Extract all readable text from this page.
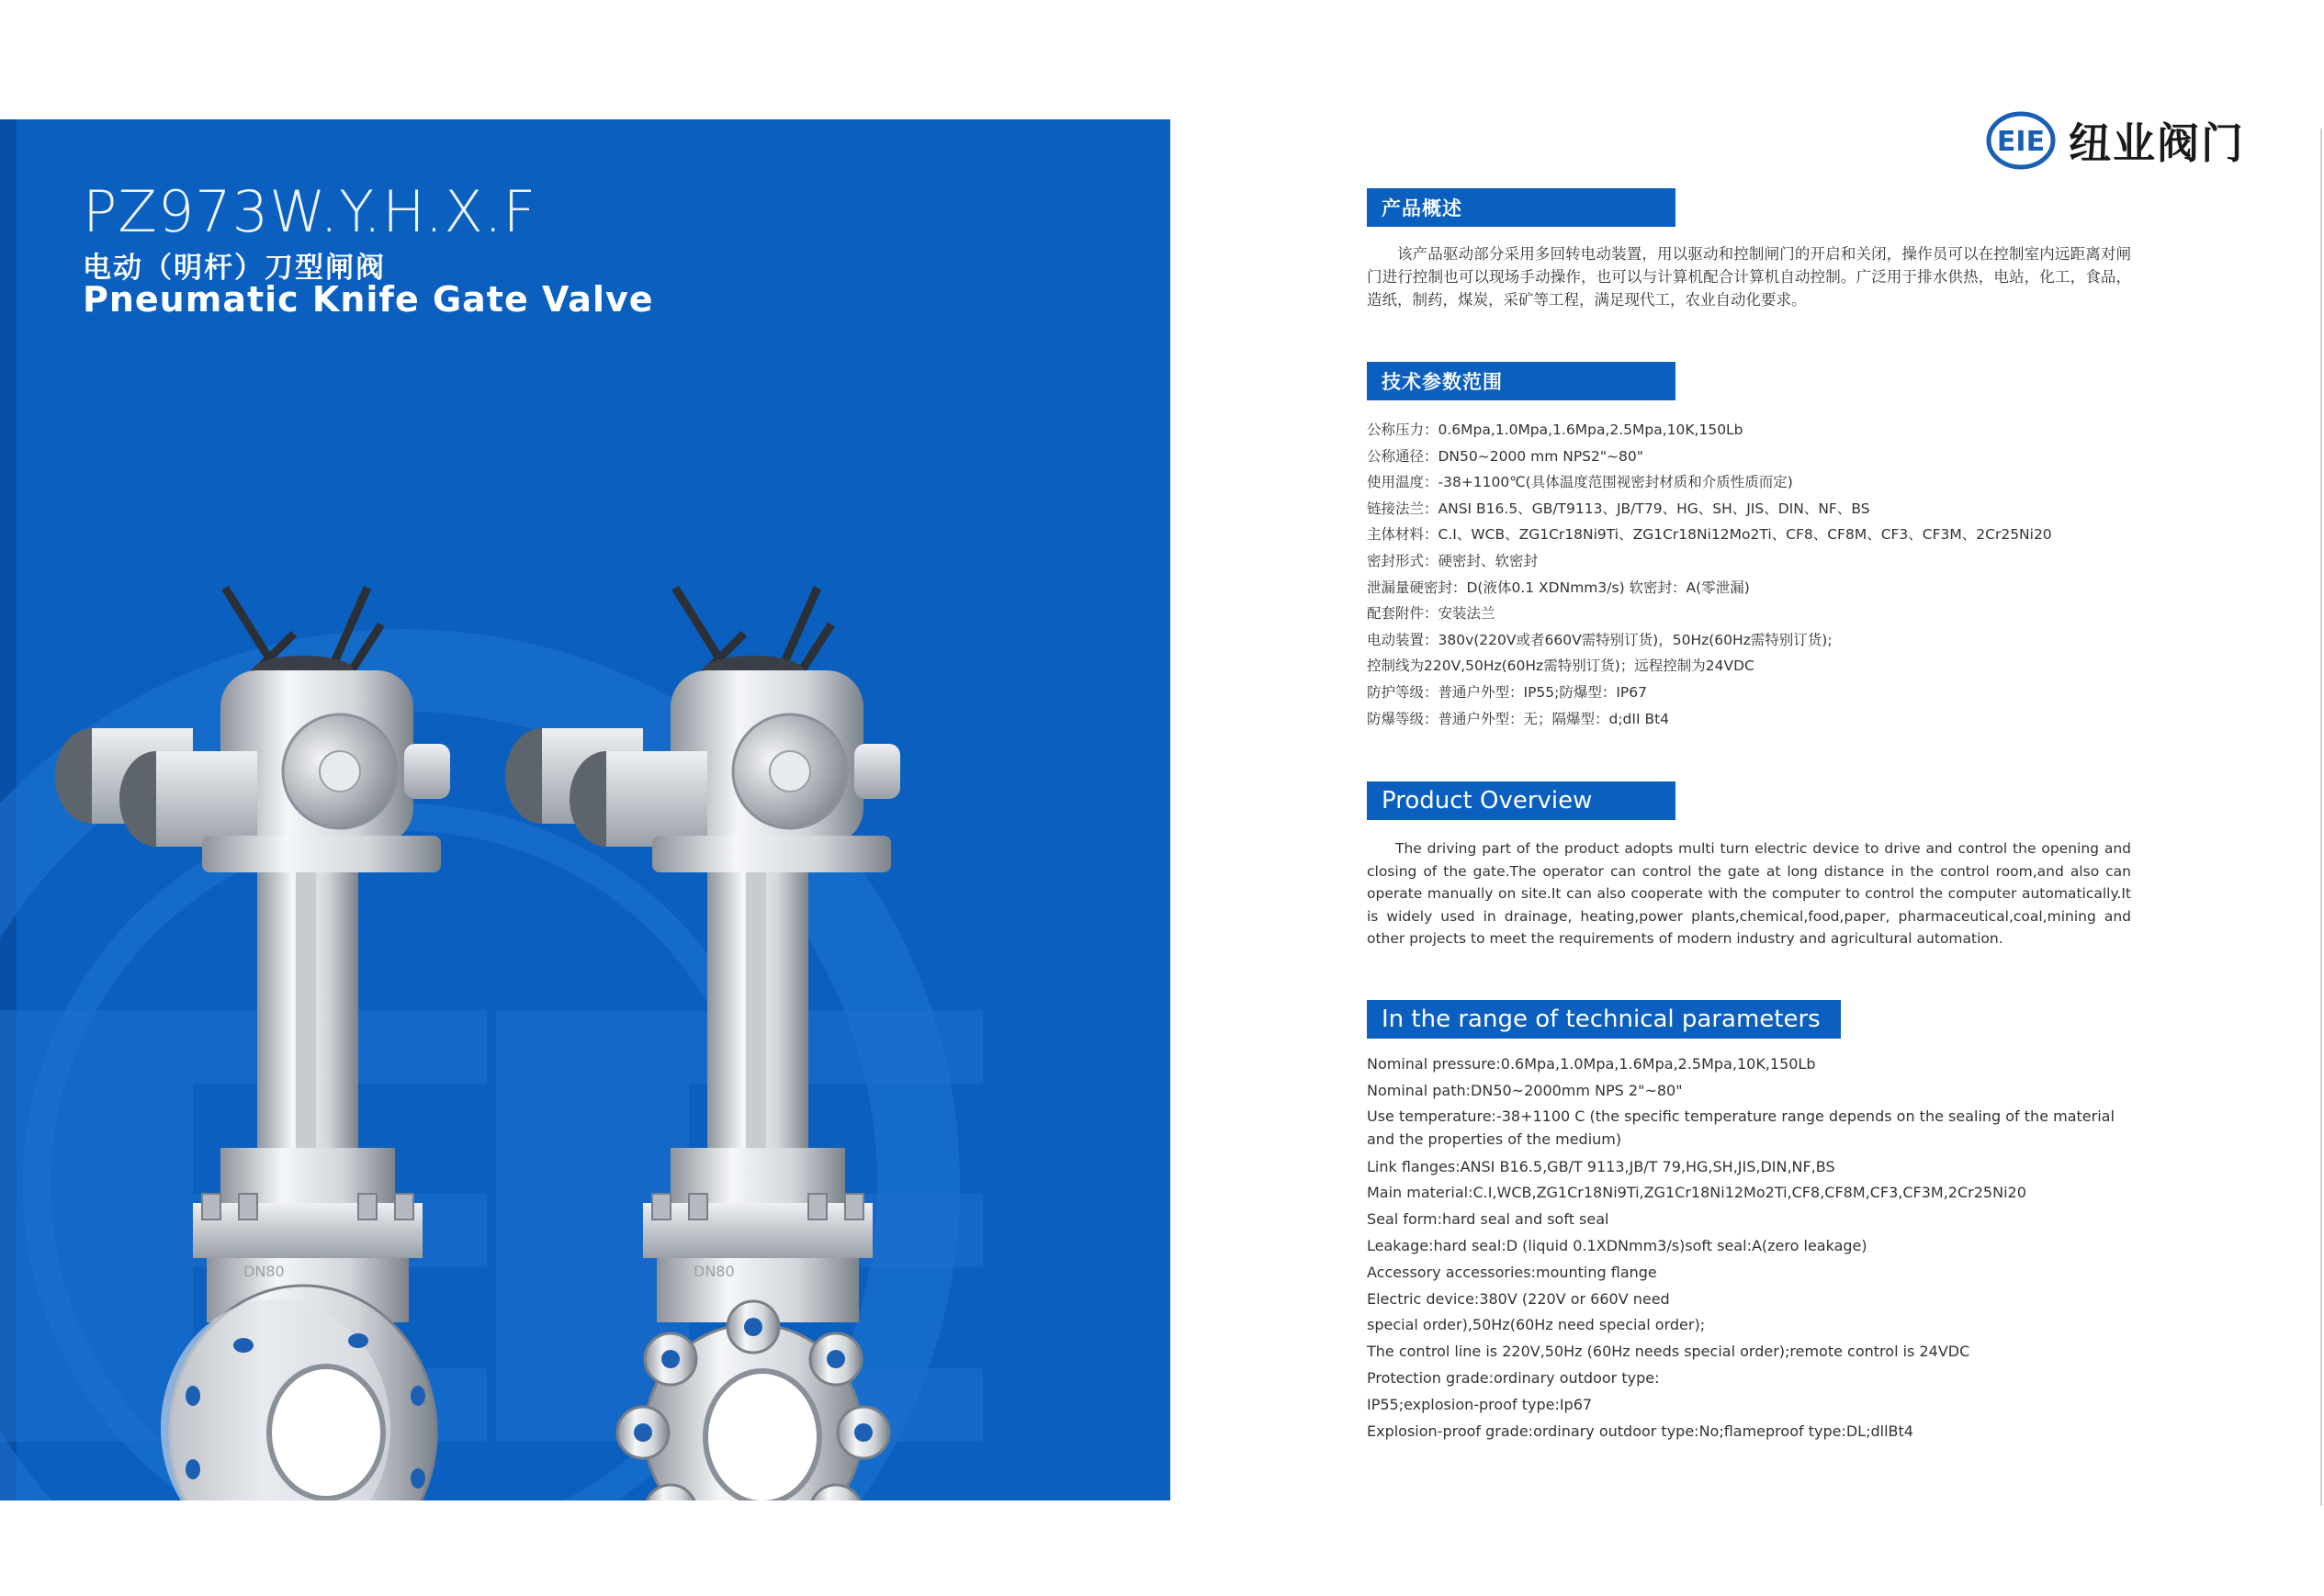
PZ973W.Y.H.X.F
电动（明杆）刀型闸阀
Pneumatic Knife Gate Valve
DN80	DN80
EIE 纽业阀门
产品概述

该产品驱动部分采用多回转电动装置，用以驱动和控制闸门的开启和关闭，操作员可以在控制室内远距离对闸门进行控制也可以现场手动操作，也可以与计算机配合计算机自动控制。广泛用于排水供热，电站，化工，食品，造纸，制药，煤炭，采矿等工程，满足现代工，农业自动化要求。

技术参数范围
公称压力：0.6Mpa,1.0Mpa,1.6Mpa,2.5Mpa,10K,150Lb
公称通径：DN50~2000 mm NPS2"~80"
使用温度：-38+1100℃(具体温度范围视密封材质和介质性质而定)
链接法兰：ANSI B16.5、GB/T9113、JB/T79、HG、SH、JIS、DIN、NF、BS
主体材料：C.I、WCB、ZG1Cr18Ni9Ti、ZG1Cr18Ni12Mo2Ti、CF8、CF8M、CF3、CF3M、2Cr25Ni20
密封形式：硬密封、软密封
泄漏量硬密封：D(液体0.1 XDNmm3/s) 软密封：A(零泄漏)
配套附件：安装法兰
电动装置：380v(220V或者660V需特别订货)，50Hz(60Hz需特别订货);
控制线为220V,50Hz(60Hz需特别订货)；远程控制为24VDC
防护等级：普通户外型：IP55;防爆型：IP67
防爆等级：普通户外型：无；隔爆型：d;dII Bt4
Product Overview

The driving part of the product adopts multi turn electric device to drive and control the opening and closing of the gate.The operator can control the gate at long distance in the control room,and also can operate manually on site.It can also cooperate with the computer to control the computer automatically.It is widely used in drainage, heating,power plants,chemical,food,paper, pharmaceutical,coal,mining and other projects to meet the requirements of modern industry and agricultural automation.

In the range of technical parameters
Nominal pressure:0.6Mpa,1.0Mpa,1.6Mpa,2.5Mpa,10K,150Lb
Nominal path:DN50~2000mm NPS 2"~80"
Use temperature:-38+1100 C (the specific temperature range depends on the sealing of the material and the properties of the medium)
Link flanges:ANSI B16.5,GB/T 9113,JB/T 79,HG,SH,JIS,DIN,NF,BS
Main material:C.I,WCB,ZG1Cr18Ni9Ti,ZG1Cr18Ni12Mo2Ti,CF8,CF8M,CF3,CF3M,2Cr25Ni20
Seal form:hard seal and soft seal
Leakage:hard seal:D (liquid 0.1XDNmm3/s)soft seal:A(zero leakage)
Accessory accessories:mounting flange
Electric device:380V (220V or 660V need
special order),50Hz(60Hz need special order);
The control line is 220V,50Hz (60Hz needs special order);remote control is 24VDC
Protection grade:ordinary outdoor type:
IP55;explosion-proof type:Ip67
Explosion-proof grade:ordinary outdoor type:No;flameproof type:DL;dllBt4
